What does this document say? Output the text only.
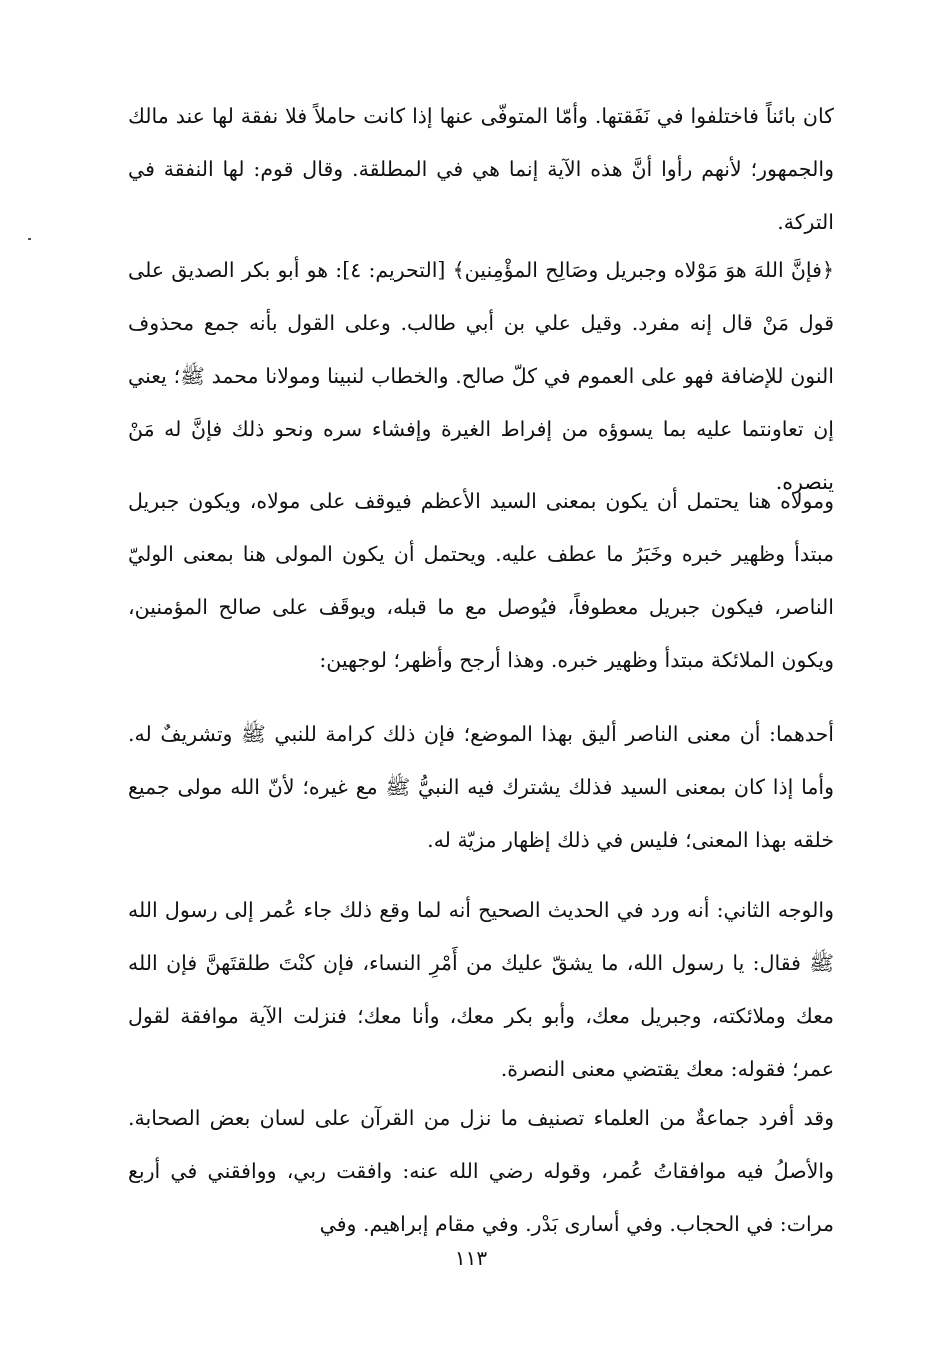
كان بائناً فاختلفوا في نَفَقتها. وأمّا المتوفّى عنها إذا كانت حاملاً فلا نفقة لها عند مالك والجمهور؛ لأنهم رأوا أنَّ هذه الآية إنما هي في المطلقة. وقال قوم: لها النفقة في التركة.

﴿فإنَّ اللهَ هوَ مَوْلاه وجبريل وصَالِح المؤْمِنين﴾ [التحريم: ٤]: هو أبو بكر الصديق على قول مَنْ قال إنه مفرد. وقيل علي بن أبي طالب. وعلى القول بأنه جمع محذوف النون للإضافة فهو على العموم في كلّ صالح. والخطاب لنبينا ومولانا محمد ﷺ؛ يعني إن تعاونتما عليه بما يسوؤه من إفراط الغيرة وإفشاء سره ونحو ذلك فإنَّ له مَنْ ينصره.

ومولاه هنا يحتمل أن يكون بمعنى السيد الأعظم فيوقف على مولاه، ويكون جبريل مبتدأ وظهير خبره وخَبَرُ ما عطف عليه. ويحتمل أن يكون المولى هنا بمعنى الوليّ الناصر، فيكون جبريل معطوفاً، فيُوصل مع ما قبله، ويوقَف على صالح المؤمنين، ويكون الملائكة مبتدأ وظهير خبره. وهذا أرجح وأظهر؛ لوجهين:

أحدهما: أن معنى الناصر أليق بهذا الموضع؛ فإن ذلك كرامة للنبي ﷺ وتشريفٌ له. وأما إذا كان بمعنى السيد فذلك يشترك فيه النبيُّ ﷺ مع غيره؛ لأنّ الله مولى جميع خلقه بهذا المعنى؛ فليس في ذلك إظهار مزيّة له.

والوجه الثاني: أنه ورد في الحديث الصحيح أنه لما وقع ذلك جاء عُمر إلى رسول الله ﷺ فقال: يا رسول الله، ما يشقّ عليك من أَمْرِ النساء، فإن كنْتَ طلقتَهنَّ فإن الله معك وملائكته، وجبريل معك، وأبو بكر معك، وأنا معك؛ فنزلت الآية موافقة لقول عمر؛ فقوله: معك يقتضي معنى النصرة.

وقد أفرد جماعةٌ من العلماء تصنيف ما نزل من القرآن على لسان بعض الصحابة. والأصلُ فيه موافقاتُ عُمر، وقوله رضي الله عنه: وافقت ربي، ووافقني في أربع مرات: في الحجاب. وفي أسارى بَدْر. وفي مقام إبراهيم. وفي

١١٣
